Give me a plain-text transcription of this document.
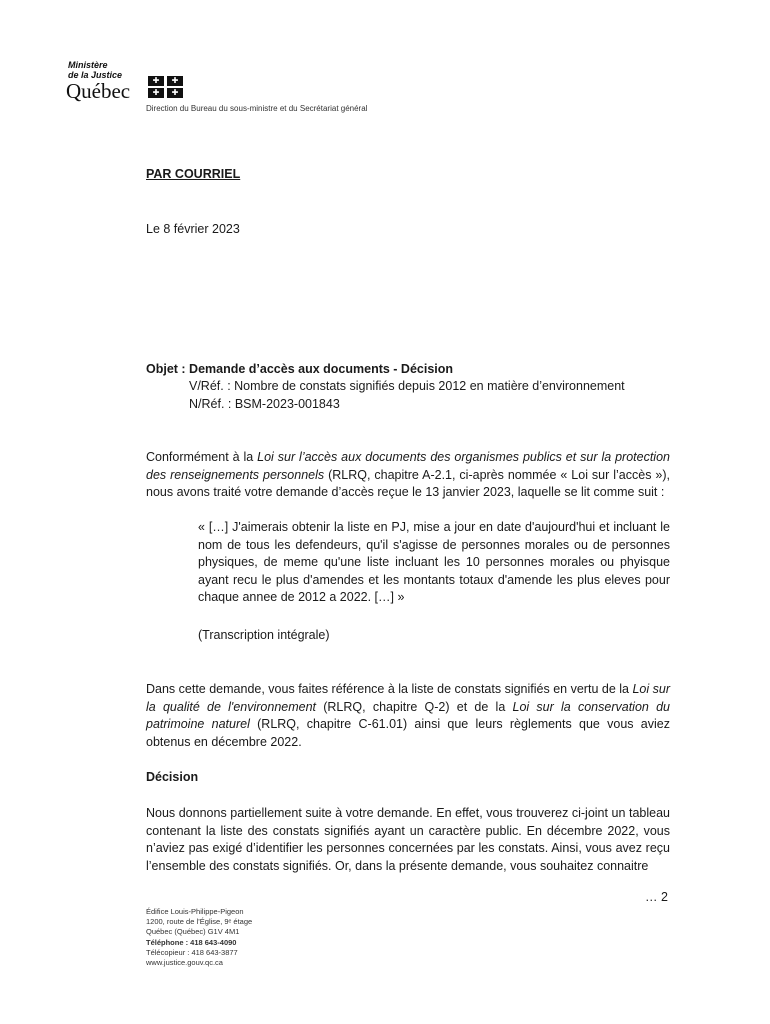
Ministère
de la Justice
Québec	✚	✚
✚	✚
Direction du Bureau du sous-ministre et du Secrétariat général
PAR COURRIEL
Le 8 février 2023
Objet : Demande d’accès aux documents - Décision
V/Réf. : Nombre de constats signifiés depuis 2012 en matière d’environnement
N/Réf. : BSM-2023-001843
Conformément à la Loi sur l’accès aux documents des organismes publics et sur la protection des renseignements personnels (RLRQ, chapitre A-2.1, ci-après nommée « Loi sur l’accès »), nous avons traité votre demande d’accès reçue le 13 janvier 2023, laquelle se lit comme suit :
« […] J'aimerais obtenir la liste en PJ, mise a jour en date d'aujourd'hui et incluant le nom de tous les defendeurs, qu'il s'agisse de personnes morales ou de personnes physiques, de meme qu'une liste incluant les 10 personnes morales ou phyisque ayant recu le plus d'amendes et les montants totaux d'amende les plus eleves pour chaque annee de 2012 a 2022. […] »
(Transcription intégrale)
Dans cette demande, vous faites référence à la liste de constats signifiés en vertu de la Loi sur la qualité de l'environnement (RLRQ, chapitre Q-2) et de la Loi sur la conservation du patrimoine naturel (RLRQ, chapitre C-61.01) ainsi que leurs règlements que vous aviez obtenus en décembre 2022.
Décision
Nous donnons partiellement suite à votre demande. En effet, vous trouverez ci-joint un tableau contenant la liste des constats signifiés ayant un caractère public. En décembre 2022, vous n’aviez pas exigé d’identifier les personnes concernées par les constats. Ainsi, vous avez reçu l’ensemble des constats signifiés. Or, dans la présente demande, vous souhaitez connaitre
… 2
Édifice Louis-Philippe-Pigeon
1200, route de l’Église, 9ᵉ étage
Québec (Québec) G1V 4M1
Téléphone : 418 643-4090
Télécopieur : 418 643-3877
www.justice.gouv.qc.ca
